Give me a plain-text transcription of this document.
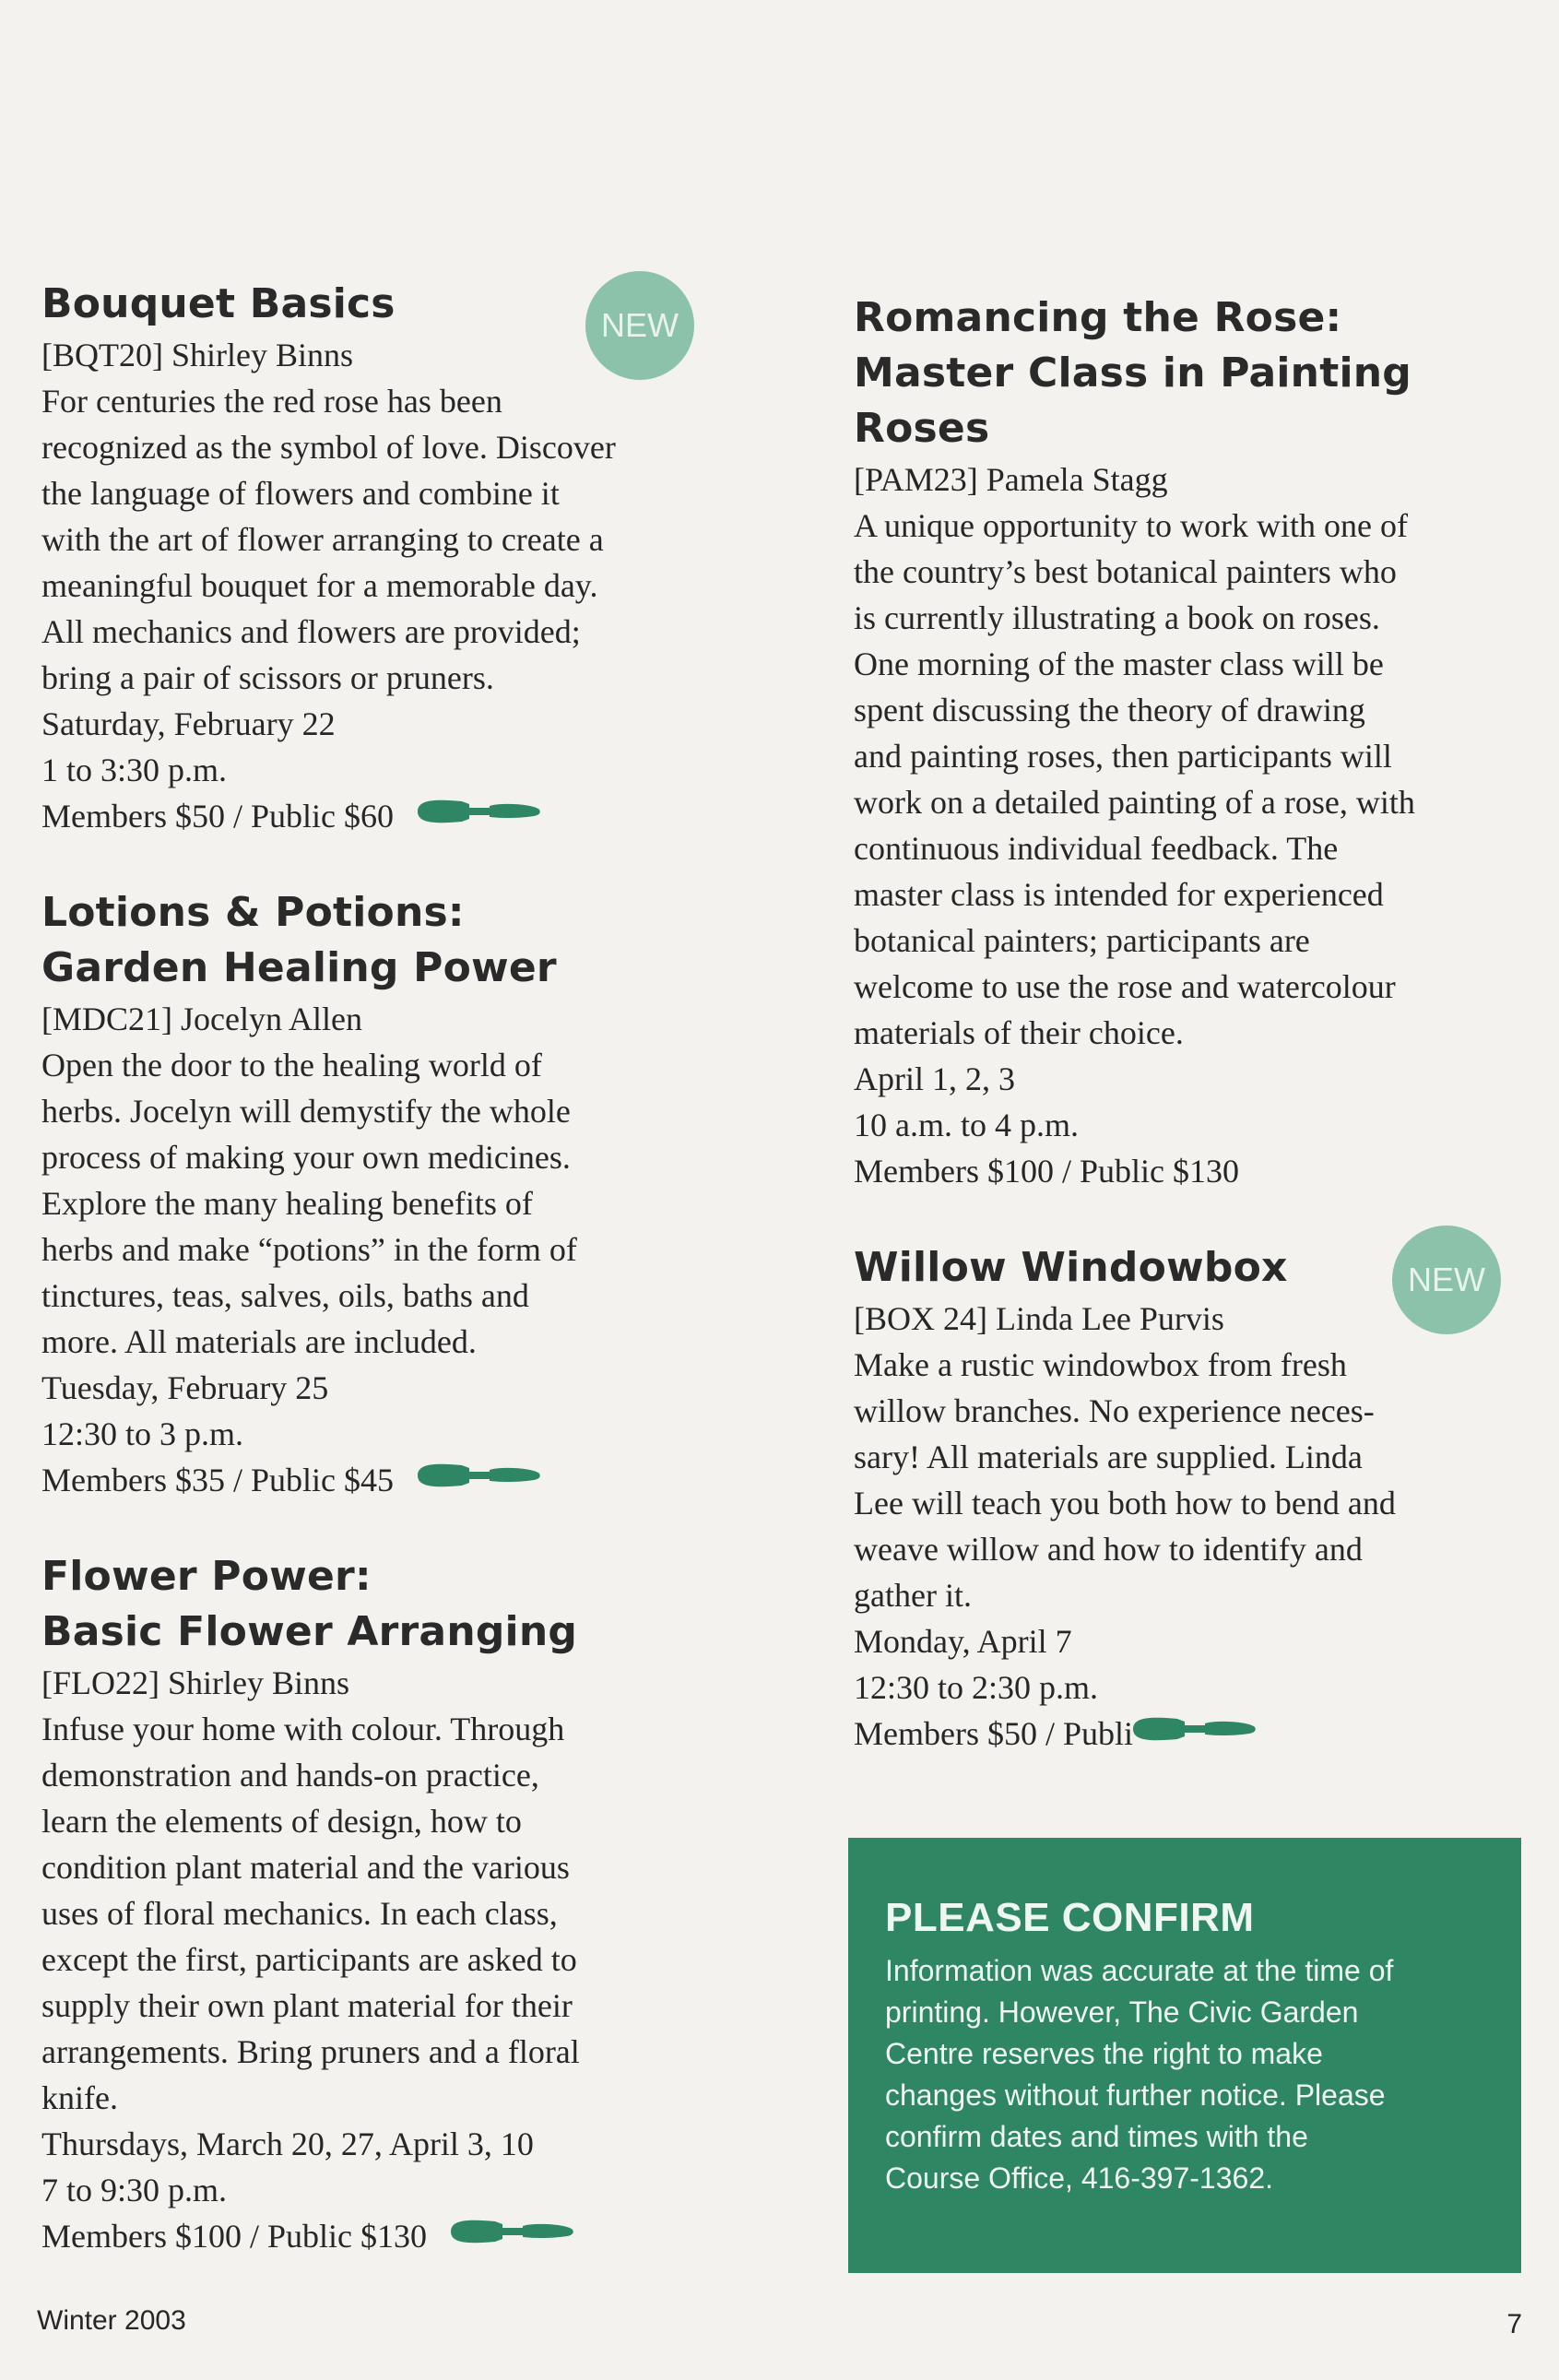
Bouquet Basics	NEW

[BQT20] Shirley Binns

For centuries the red rose has been

recognized as the symbol of love. Discover

the language of flowers and combine it

with the art of flower arranging to create a

meaningful bouquet for a memorable day.

All mechanics and flowers are provided;

bring a pair of scissors or pruners.

Saturday, February 22

1 to 3:30 p.m.

Members $50 / Public $60
Lotions & Potions:
Garden Healing Power

[MDC21] Jocelyn Allen

Open the door to the healing world of

herbs. Jocelyn will demystify the whole

process of making your own medicines.

Explore the many healing benefits of

herbs and make “potions” in the form of

tinctures, teas, salves, oils, baths and

more. All materials are included.

Tuesday, February 25

12:30 to 3 p.m.

Members $35 / Public $45
Flower Power:
Basic Flower Arranging

[FLO22] Shirley Binns

Infuse your home with colour. Through

demonstration and hands-on practice,

learn the elements of design, how to

condition plant material and the various

uses of floral mechanics. In each class,

except the first, participants are asked to

supply their own plant material for their

arrangements. Bring pruners and a floral

knife.

Thursdays, March 20, 27, April 3, 10

7 to 9:30 p.m.

Members $100 / Public $130
Romancing the Rose:
Master Class in Painting Roses

[PAM23] Pamela Stagg

A unique opportunity to work with one of

the country’s best botanical painters who

is currently illustrating a book on roses.

One morning of the master class will be

spent discussing the theory of drawing

and painting roses, then participants will

work on a detailed painting of a rose, with

continuous individual feedback. The

master class is intended for experienced

botanical painters; participants are

welcome to use the rose and watercolour

materials of their choice.

April 1, 2, 3

10 a.m. to 4 p.m.

Members $100 / Public $130

Willow Windowbox	NEW

[BOX 24] Linda Lee Purvis

Make a rustic windowbox from fresh

willow branches. No experience neces-

sary! All materials are supplied. Linda

Lee will teach you both how to bend and

weave willow and how to identify and

gather it.

Monday, April 7

12:30 to 2:30 p.m.

Members $50 / Publi
PLEASE CONFIRM

Information was accurate at the time of

printing. However, The Civic Garden

Centre reserves the right to make

changes without further notice. Please

confirm dates and times with the

Course Office, 416-397-1362.

Winter 2003	7
